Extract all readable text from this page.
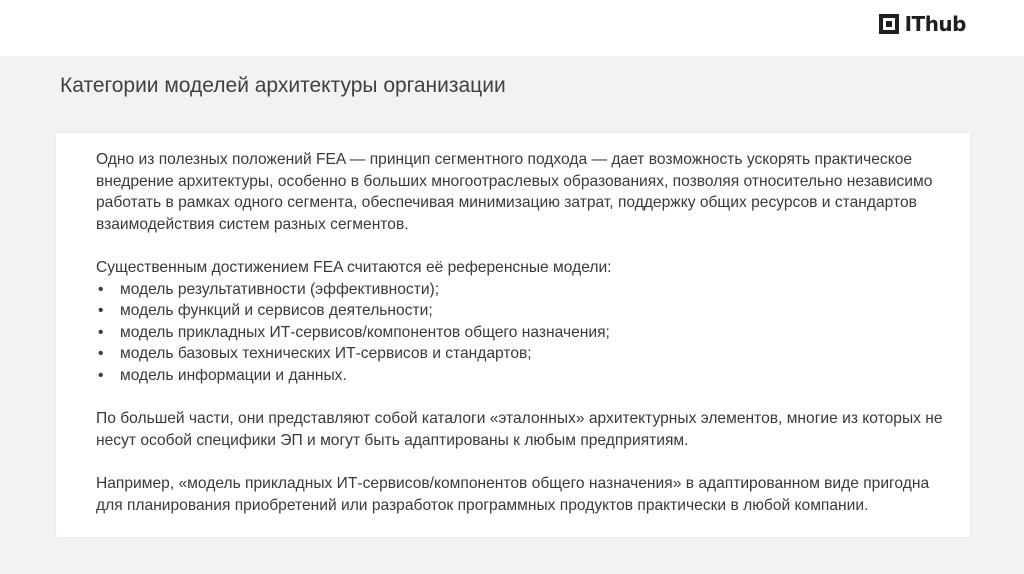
IThub
Категории моделей архитектуры организации

Одно из полезных положений FEA — принцип сегментного подхода — дает возможность ускорять практическое внедрение архитектуры, особенно в больших многоотраслевых образованиях, позволяя относительно независимо работать в рамках одного сегмента, обеспечивая минимизацию затрат, поддержку общих ресурсов и стандартов взаимодействия систем разных сегментов.

Существенным достижением FEA считаются её референсные модели:

• модель результативности (эффективности);
• модель функций и сервисов деятельности;
• модель прикладных ИТ-сервисов/компонентов общего назначения;
• модель базовых технических ИТ-сервисов и стандартов;
• модель информации и данных.

По большей части, они представляют собой каталоги «эталонных» архитектурных элементов, многие из которых не несут особой специфики ЭП и могут быть адаптированы к любым предприятиям.

Например, «модель прикладных ИТ-сервисов/компонентов общего назначения» в адаптированном виде пригодна для планирования приобретений или разработок программных продуктов практически в любой компании.
